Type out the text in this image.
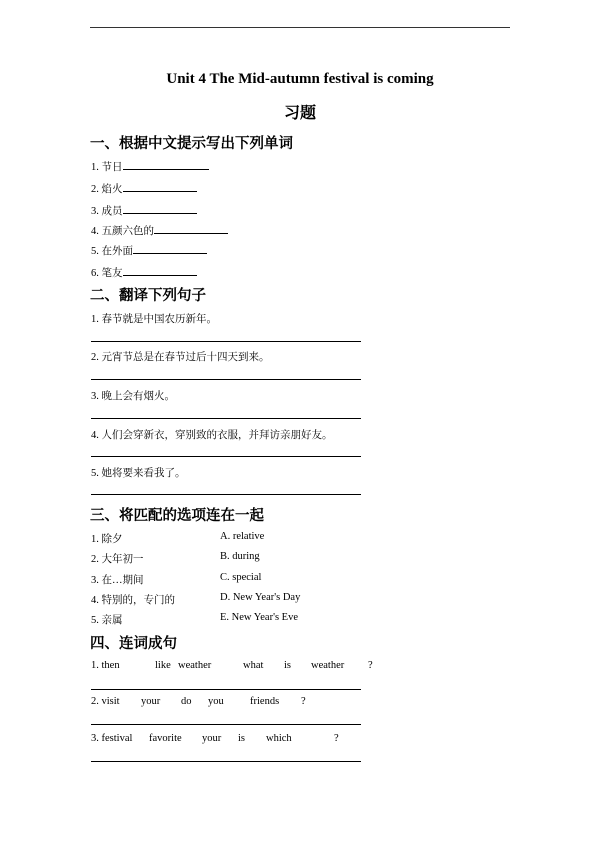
Unit 4 The Mid-autumn festival is coming
习题
一、根据中文提示写出下列单词
1. 节日
2. 焰火
3. 成员
4. 五颜六色的
5. 在外面
6. 笔友
二、翻译下列句子
1. 春节就是中国农历新年。
2. 元宵节总是在春节过后十四天到来。
3. 晚上会有烟火。
4. 人们会穿新衣，穿别致的衣服，并拜访亲朋好友。
5. 她将要来看我了。
三、将匹配的选项连在一起
1. 除夕	A. relative
2. 大年初一	B. during
3. 在…期间	C. special
4. 特别的，专门的	D. New Year's Day
5. 亲属	E. New Year's Eve
四、连词成句
1. then	like weather	what is weather ?
2. visit your do you	friends ?
3. festival favorite your is which	?
